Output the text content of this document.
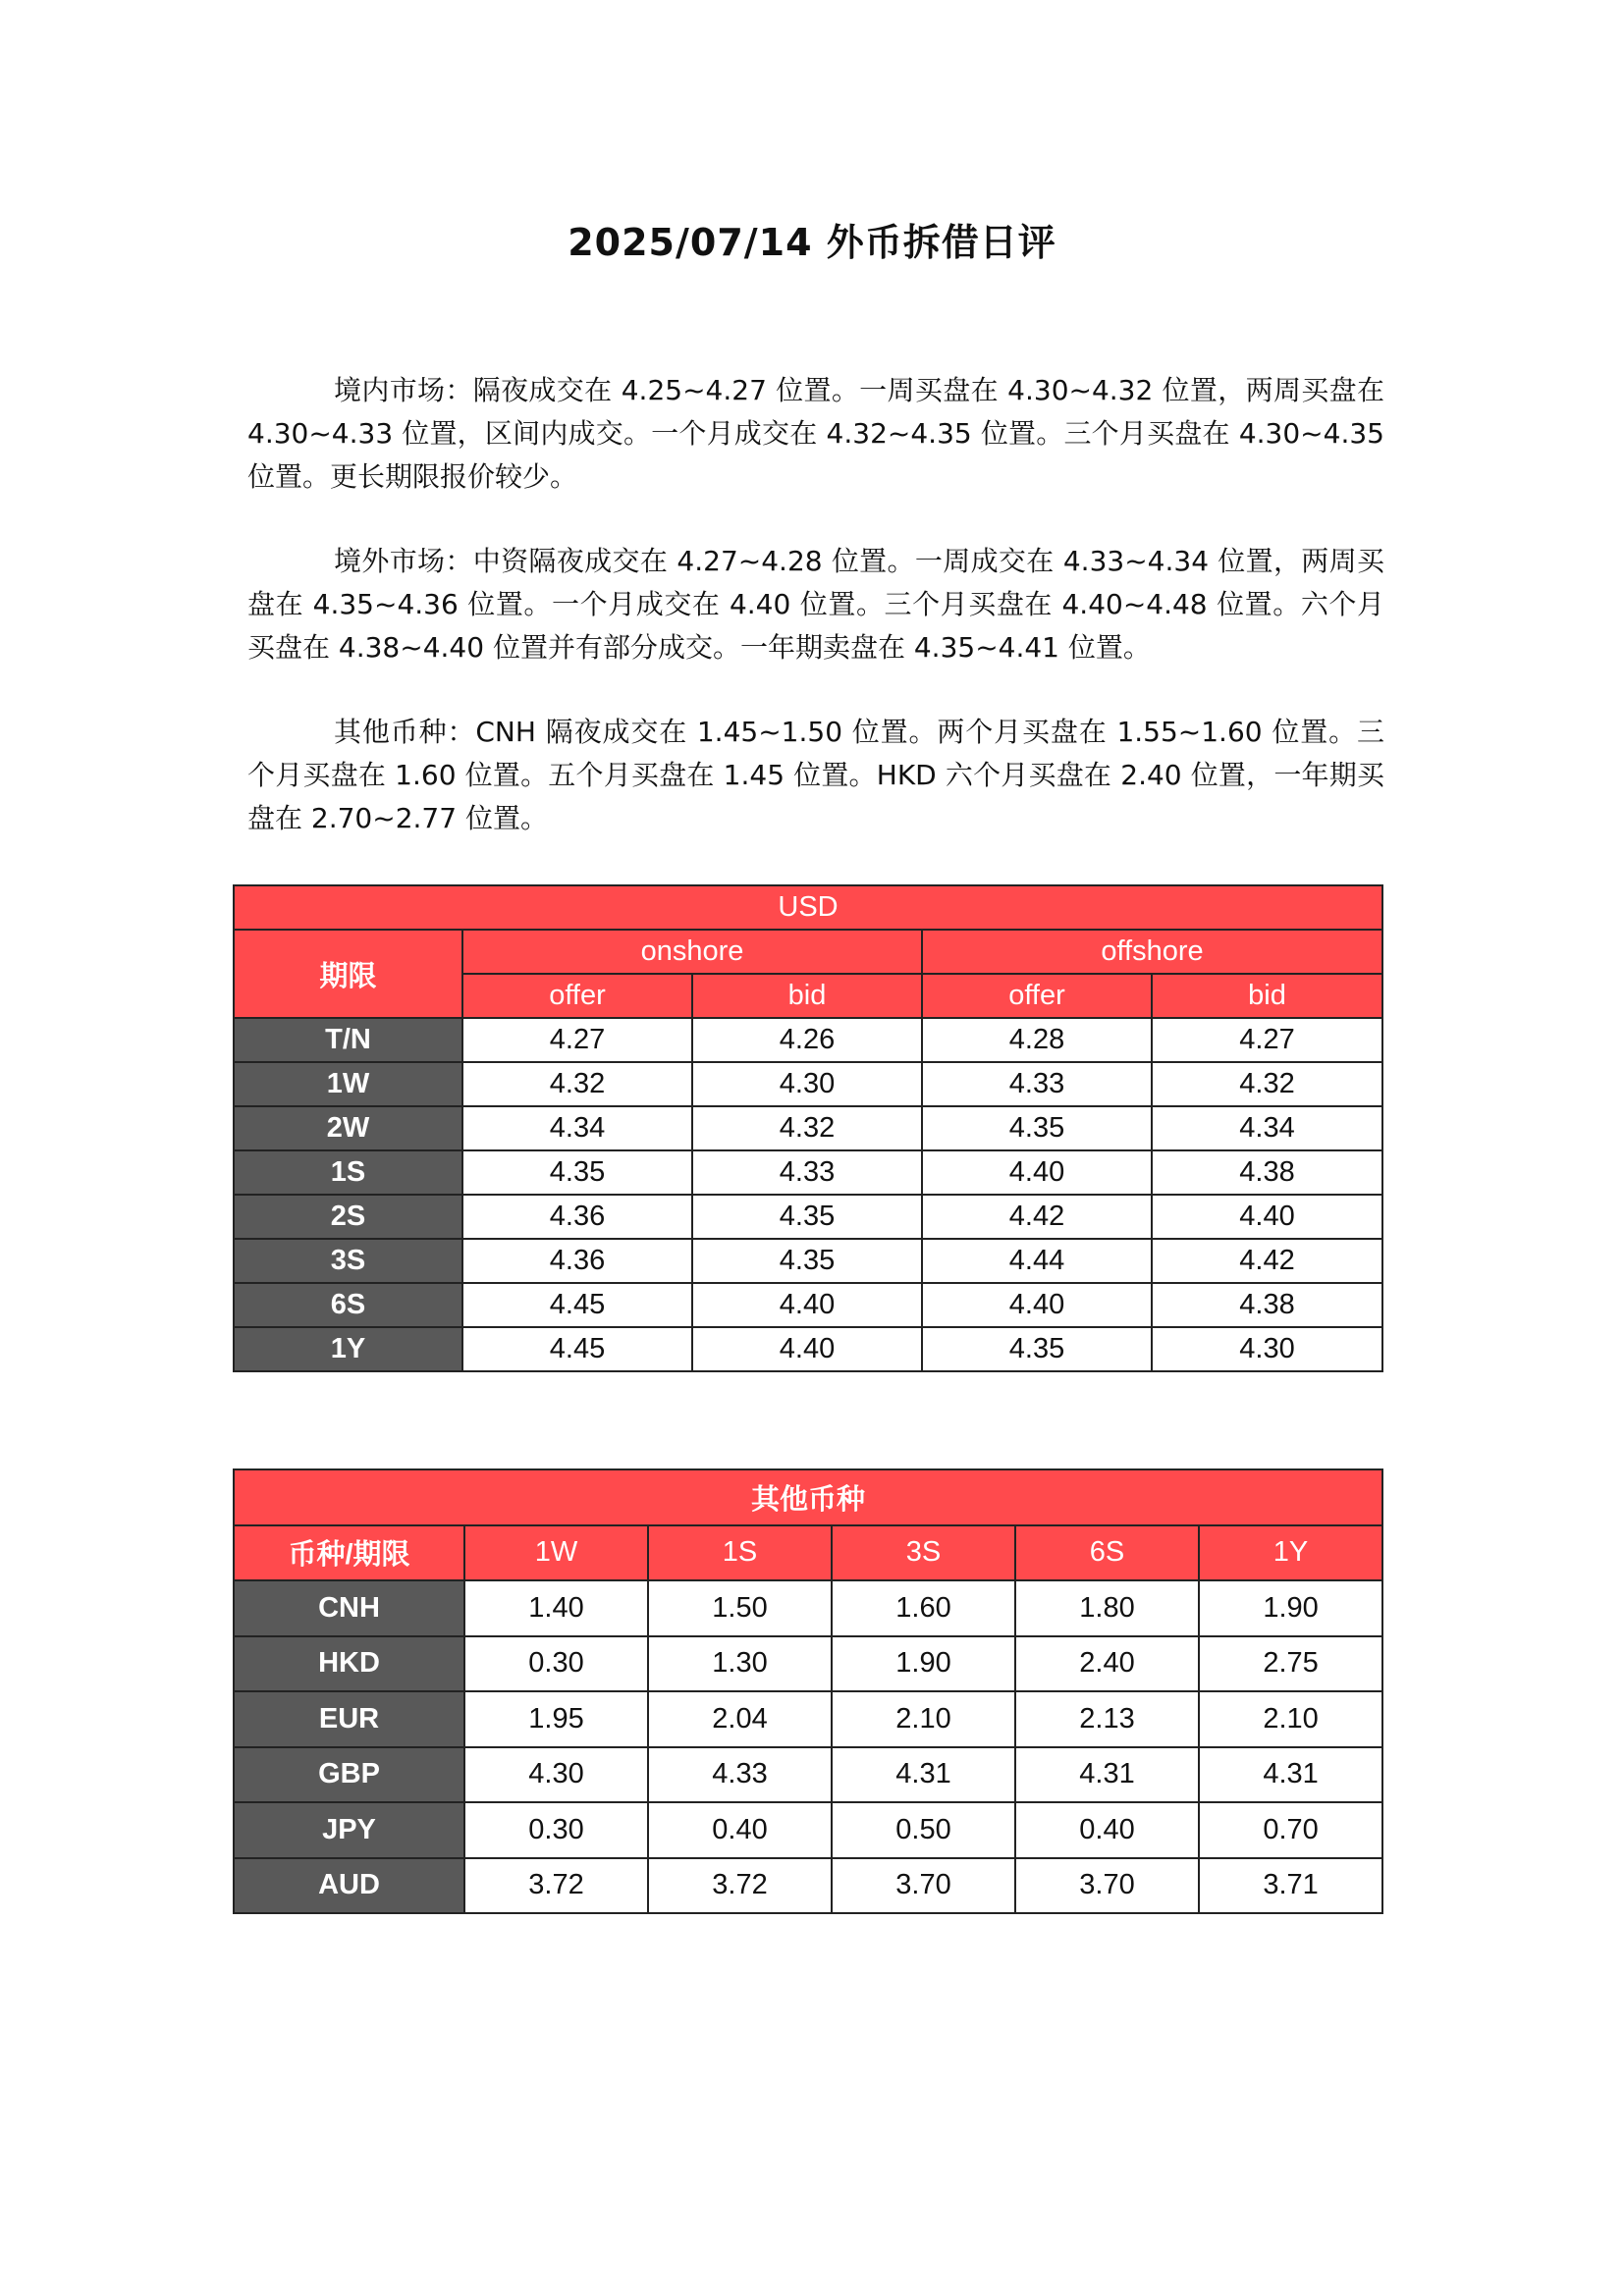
2025/07/14 外币拆借日评

境内市场：隔夜成交在 4.25~4.27 位置。一周买盘在 4.30~4.32 位置，两周买盘在 4.30~4.33 位置，区间内成交。一个月成交在 4.32~4.35 位置。三个月买盘在 4.30~4.35 位置。更长期限报价较少。

境外市场：中资隔夜成交在 4.27~4.28 位置。一周成交在 4.33~4.34 位置，两周买盘在 4.35~4.36 位置。一个月成交在 4.40 位置。三个月买盘在 4.40~4.48 位置。六个月买盘在 4.38~4.40 位置并有部分成交。一年期卖盘在 4.35~4.41 位置。

其他币种：CNH 隔夜成交在 1.45~1.50 位置。两个月买盘在 1.55~1.60 位置。三个月买盘在 1.60 位置。五个月买盘在 1.45 位置。HKD 六个月买盘在 2.40 位置，一年期买盘在 2.70~2.77 位置。

USD				
期限	onshore		offshore	
	offer	bid	offer	bid
T/N	4.27	4.26	4.28	4.27
1W	4.32	4.30	4.33	4.32
2W	4.34	4.32	4.35	4.34
1S	4.35	4.33	4.40	4.38
2S	4.36	4.35	4.42	4.40
3S	4.36	4.35	4.44	4.42
6S	4.45	4.40	4.40	4.38
1Y	4.45	4.40	4.35	4.30
其他币种					
币种/期限	1W	1S	3S	6S	1Y
CNH	1.40	1.50	1.60	1.80	1.90
HKD	0.30	1.30	1.90	2.40	2.75
EUR	1.95	2.04	2.10	2.13	2.10
GBP	4.30	4.33	4.31	4.31	4.31
JPY	0.30	0.40	0.50	0.40	0.70
AUD	3.72	3.72	3.70	3.70	3.71
